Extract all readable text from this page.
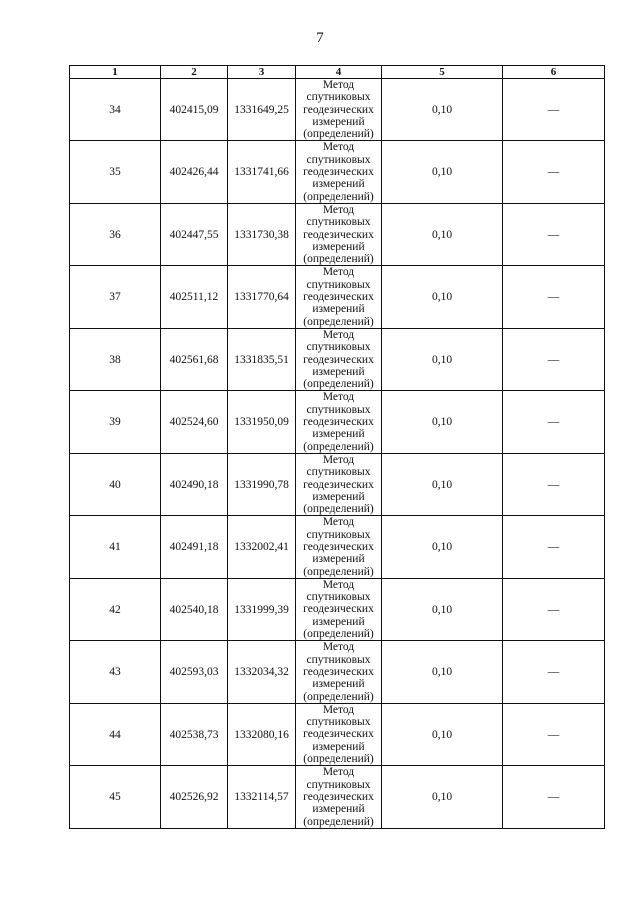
7
1	2	3	4	5	6
34	402415,09	1331649,25	Метод
спутниковых
геодезических
измерений
(определений)	0,10	—
35	402426,44	1331741,66	Метод
спутниковых
геодезических
измерений
(определений)	0,10	—
36	402447,55	1331730,38	Метод
спутниковых
геодезических
измерений
(определений)	0,10	—
37	402511,12	1331770,64	Метод
спутниковых
геодезических
измерений
(определений)	0,10	—
38	402561,68	1331835,51	Метод
спутниковых
геодезических
измерений
(определений)	0,10	—
39	402524,60	1331950,09	Метод
спутниковых
геодезических
измерений
(определений)	0,10	—
40	402490,18	1331990,78	Метод
спутниковых
геодезических
измерений
(определений)	0,10	—
41	402491,18	1332002,41	Метод
спутниковых
геодезических
измерений
(определений)	0,10	—
42	402540,18	1331999,39	Метод
спутниковых
геодезических
измерений
(определений)	0,10	—
43	402593,03	1332034,32	Метод
спутниковых
геодезических
измерений
(определений)	0,10	—
44	402538,73	1332080,16	Метод
спутниковых
геодезических
измерений
(определений)	0,10	—
45	402526,92	1332114,57	Метод
спутниковых
геодезических
измерений
(определений)	0,10	—
